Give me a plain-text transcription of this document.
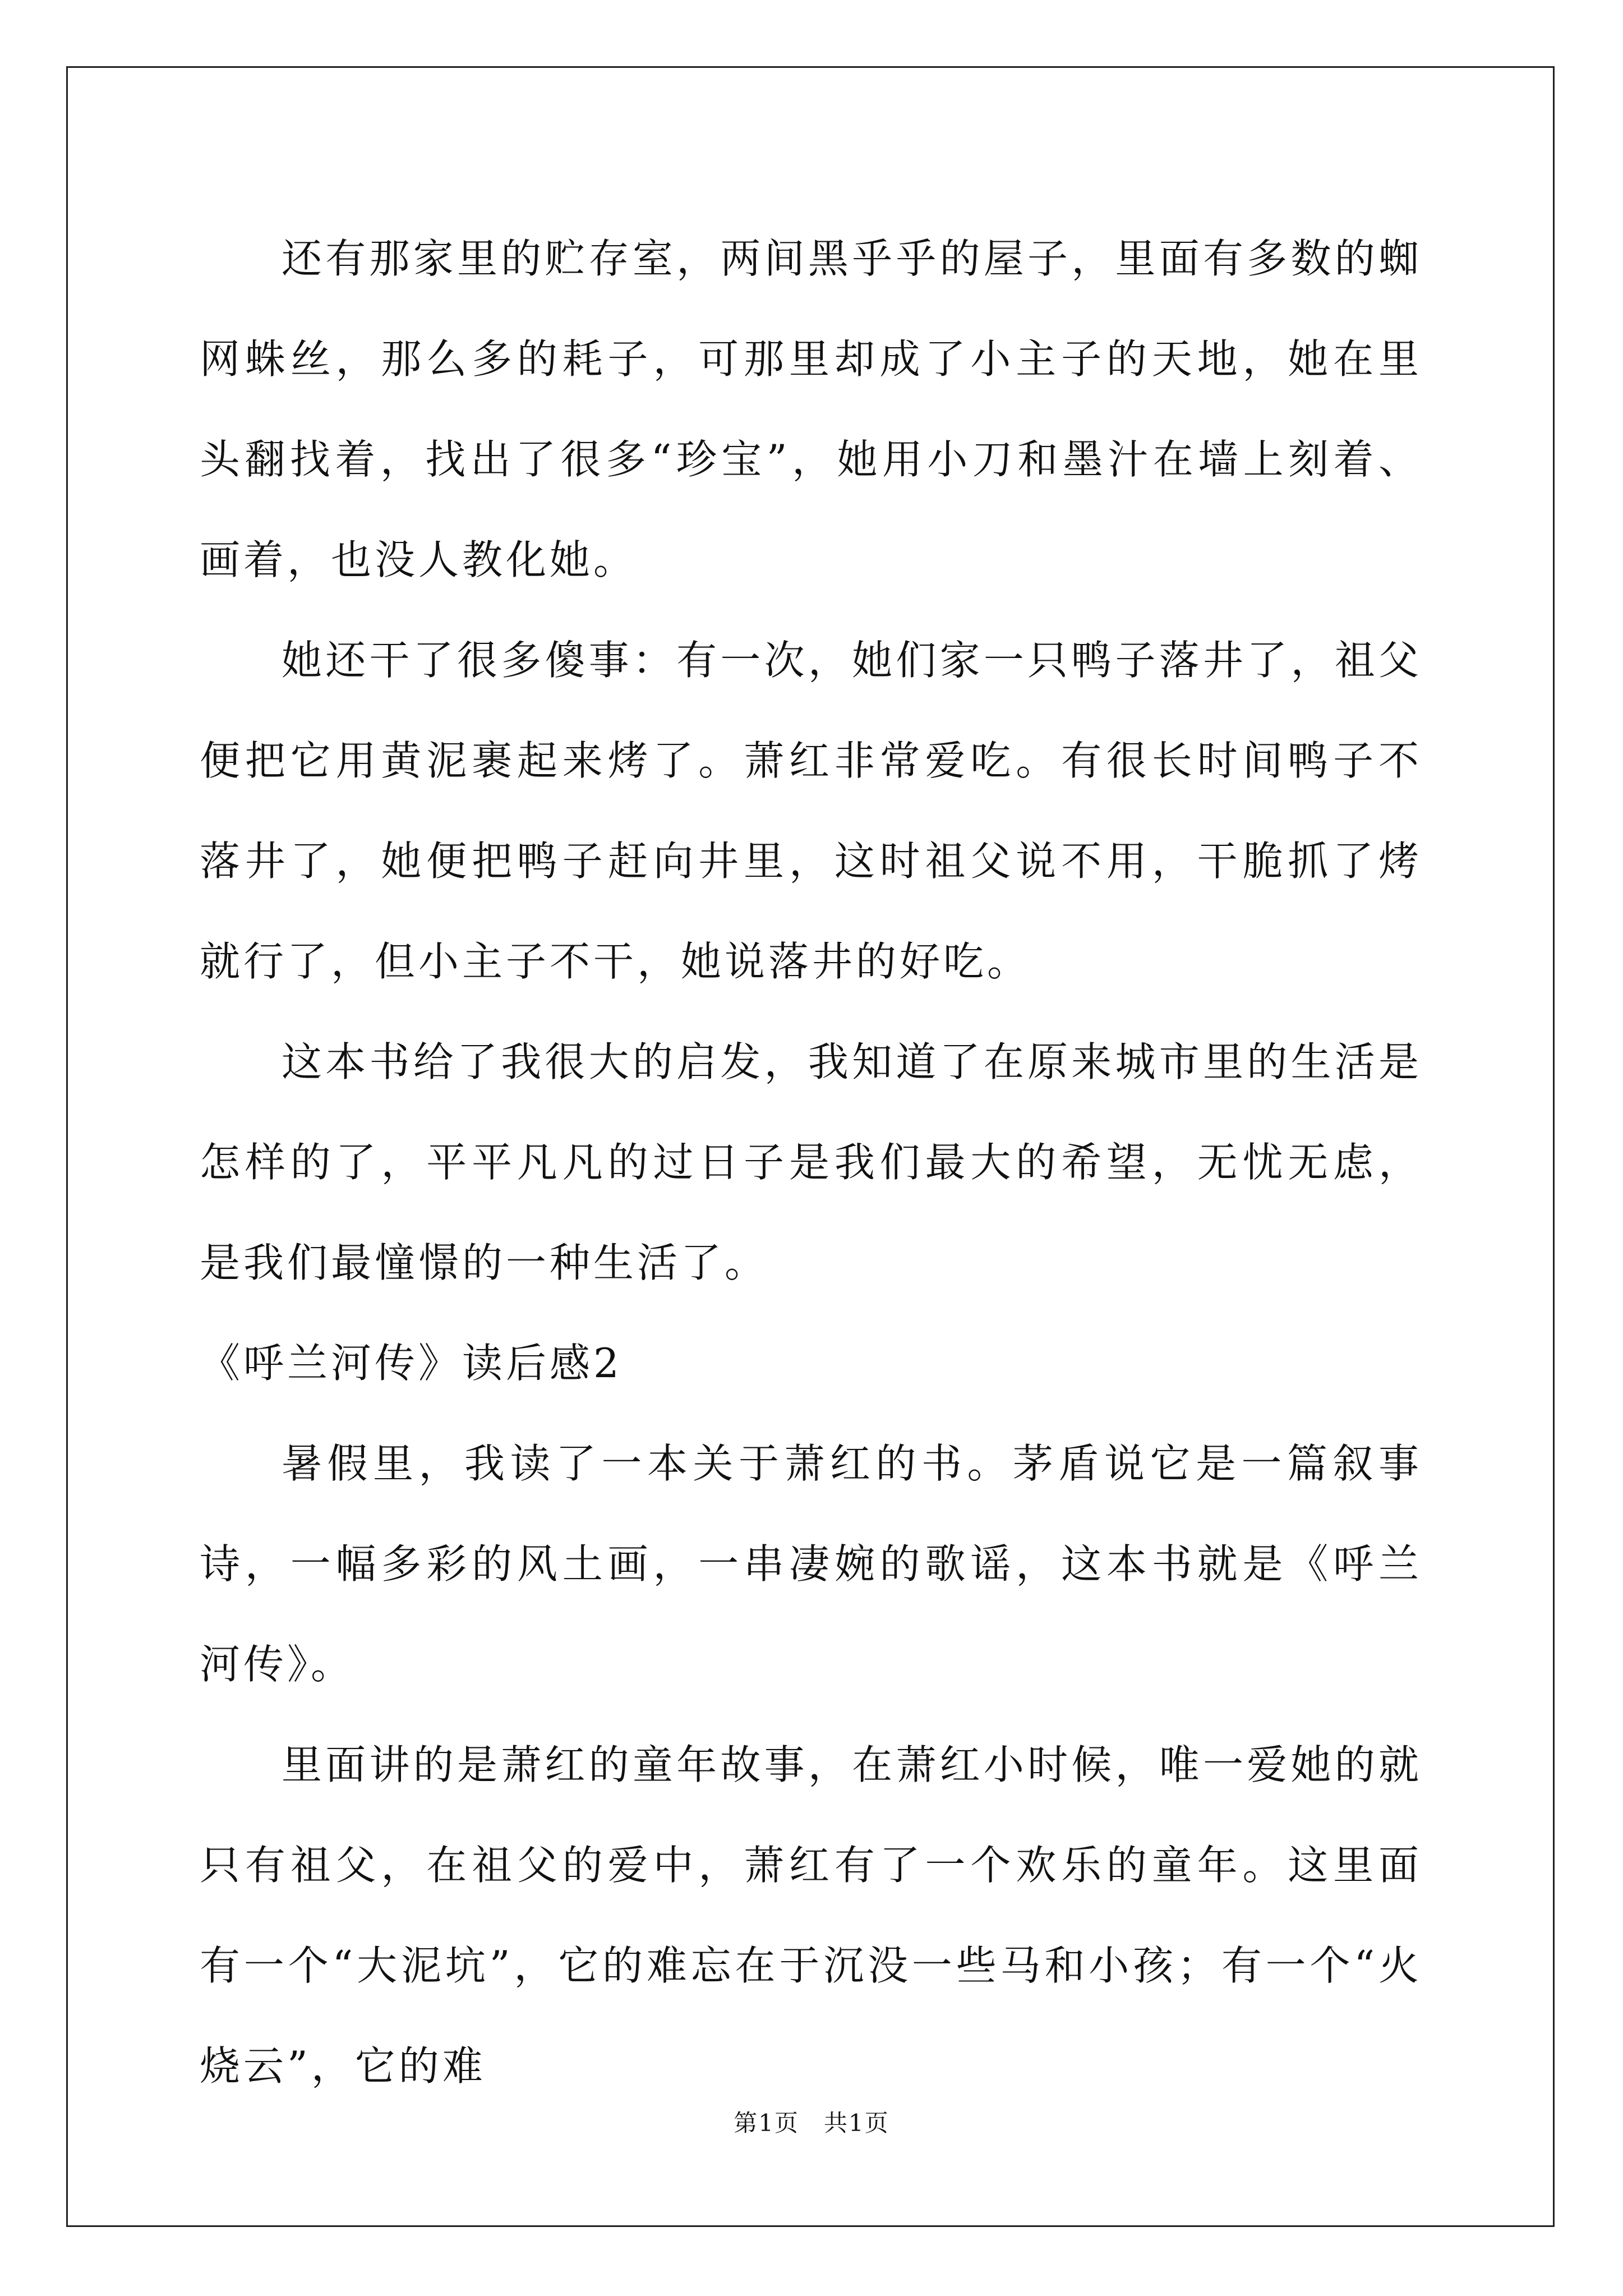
还有那家里的贮存室，两间黑乎乎的屋子，里面有多数的蜘网蛛丝，那么多的耗子，可那里却成了小主子的天地，她在里头翻找着，找出了很多“珍宝”，她用小刀和墨汁在墙上刻着、画着，也没人教化她。

她还干了很多傻事：有一次，她们家一只鸭子落井了，祖父便把它用黄泥裹起来烤了。萧红非常爱吃。有很长时间鸭子不落井了，她便把鸭子赶向井里，这时祖父说不用，干脆抓了烤就行了，但小主子不干，她说落井的好吃。

这本书给了我很大的启发，我知道了在原来城市里的生活是怎样的了，平平凡凡的过日子是我们最大的希望，无忧无虑，是我们最憧憬的一种生活了。

《呼兰河传》读后感2

暑假里，我读了一本关于萧红的书。茅盾说它是一篇叙事诗，一幅多彩的风土画，一串凄婉的歌谣，这本书就是《呼兰河传》。

里面讲的是萧红的童年故事，在萧红小时候，唯一爱她的就只有祖父，在祖父的爱中，萧红有了一个欢乐的童年。这里面有一个“大泥坑”，它的难忘在于沉没一些马和小孩；有一个“火烧云”，它的难

第1页　共1页
